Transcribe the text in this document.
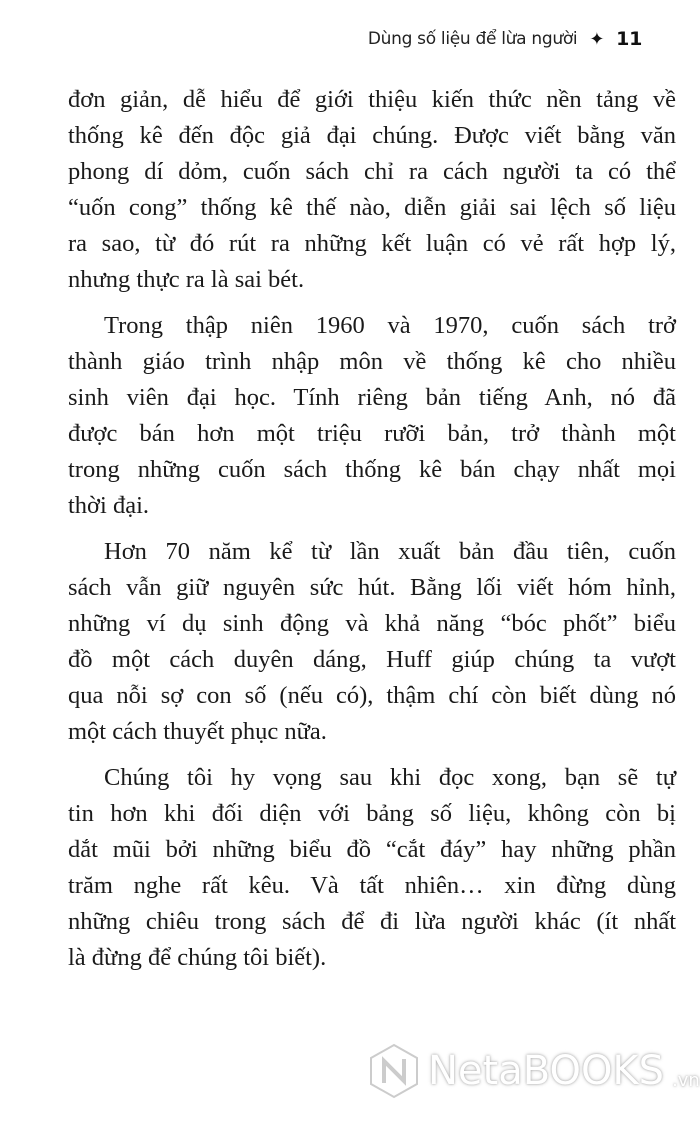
Dùng số liệu để lừa người ✦ 11
đơn giản, dễ hiểu để giới thiệu kiến thức nền tảng về
thống kê đến độc giả đại chúng. Được viết bằng văn
phong dí dỏm, cuốn sách chỉ ra cách người ta có thể
“uốn cong” thống kê thế nào, diễn giải sai lệch số liệu
ra sao, từ đó rút ra những kết luận có vẻ rất hợp lý,
nhưng thực ra là sai bét.
Trong thập niên 1960 và 1970, cuốn sách trở
thành giáo trình nhập môn về thống kê cho nhiều
sinh viên đại học. Tính riêng bản tiếng Anh, nó đã
được bán hơn một triệu rưỡi bản, trở thành một
trong những cuốn sách thống kê bán chạy nhất mọi
thời đại.
Hơn 70 năm kể từ lần xuất bản đầu tiên, cuốn
sách vẫn giữ nguyên sức hút. Bằng lối viết hóm hỉnh,
những ví dụ sinh động và khả năng “bóc phốt” biểu
đồ một cách duyên dáng, Huff giúp chúng ta vượt
qua nỗi sợ con số (nếu có), thậm chí còn biết dùng nó
một cách thuyết phục nữa.
Chúng tôi hy vọng sau khi đọc xong, bạn sẽ tự
tin hơn khi đối diện với bảng số liệu, không còn bị
dắt mũi bởi những biểu đồ “cắt đáy” hay những phần
trăm nghe rất kêu. Và tất nhiên… xin đừng dùng
những chiêu trong sách để đi lừa người khác (ít nhất
là đừng để chúng tôi biết).
NetaBOOKS .vn
